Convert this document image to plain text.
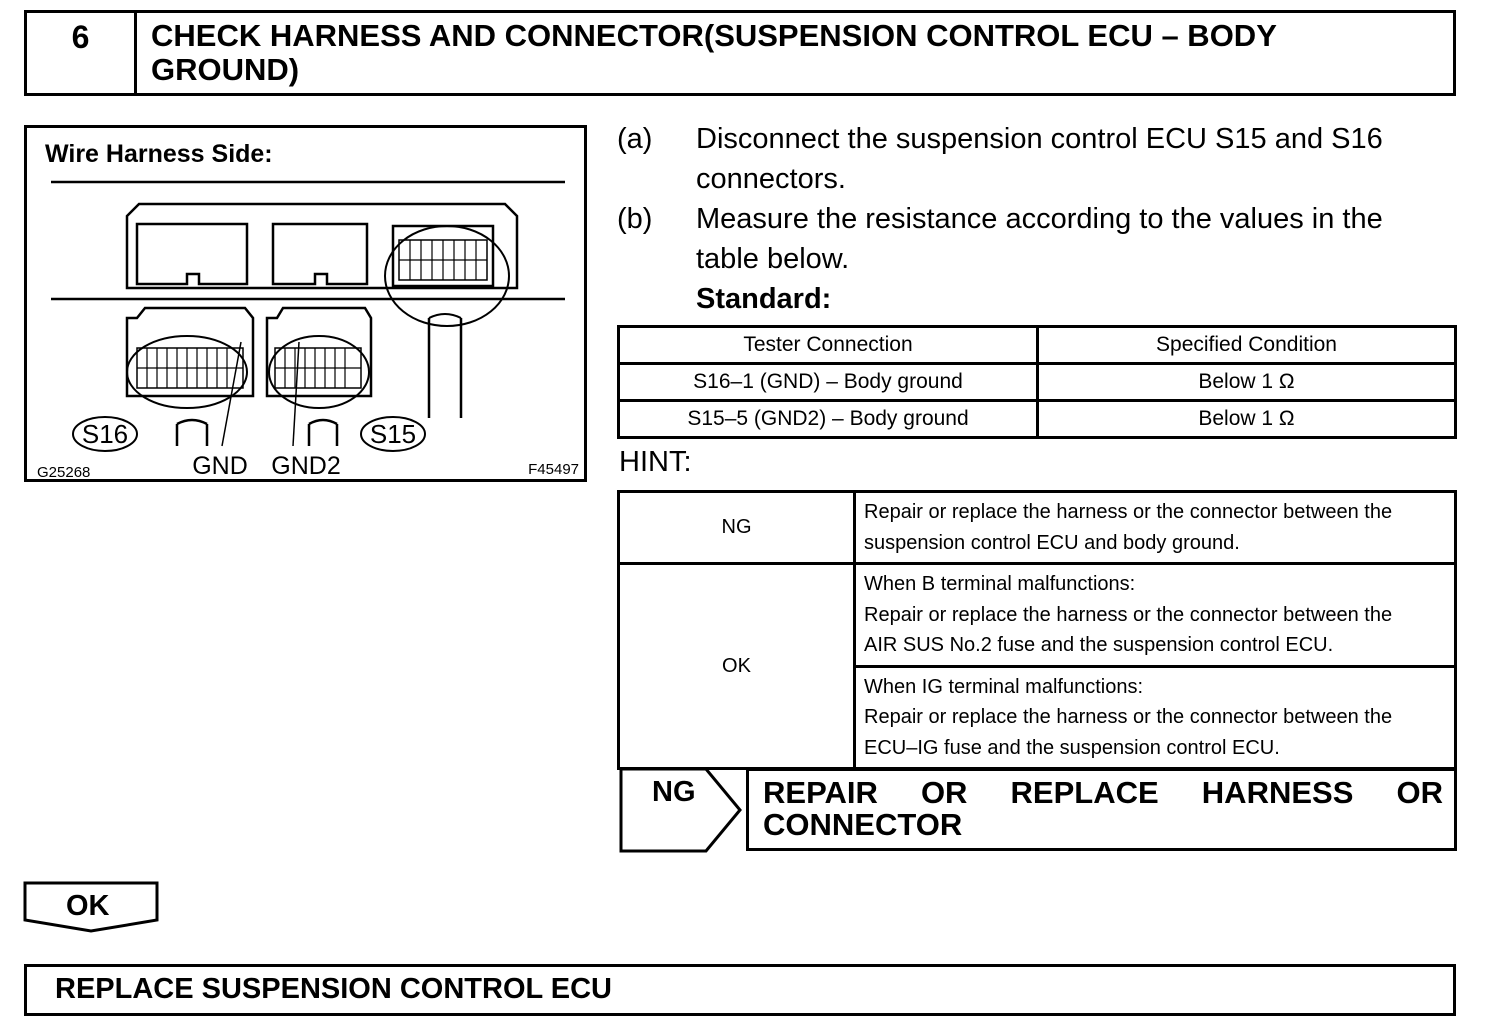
6	CHECK HARNESS AND CONNECTOR(SUSPENSION CONTROL ECU – BODY
GROUND)
Wire Harness Side:
S16	S15
GND GND2
G25268	F45497
(a)	Disconnect the suspension control ECU S15 and S16
connectors.
(b)	Measure the resistance according to the values in the
table below.
Standard:
Tester Connection	Specified Condition
S16–1 (GND) – Body ground	Below 1 Ω
S15–5 (GND2) – Body ground	Below 1 Ω
HINT:
NG	Repair or replace the harness or the connector between the
suspension control ECU and body ground.

OK	When B terminal malfunctions:
Repair or replace the harness or the connector between the
AIR SUS No.2 fuse and the suspension control ECU.

	When IG terminal malfunctions:
Repair or replace the harness or the connector between the
ECU–IG fuse and the suspension control ECU.
NG REPAIR OR REPLACE HARNESS OR
CONNECTOR
OK
REPLACE SUSPENSION CONTROL ECU
